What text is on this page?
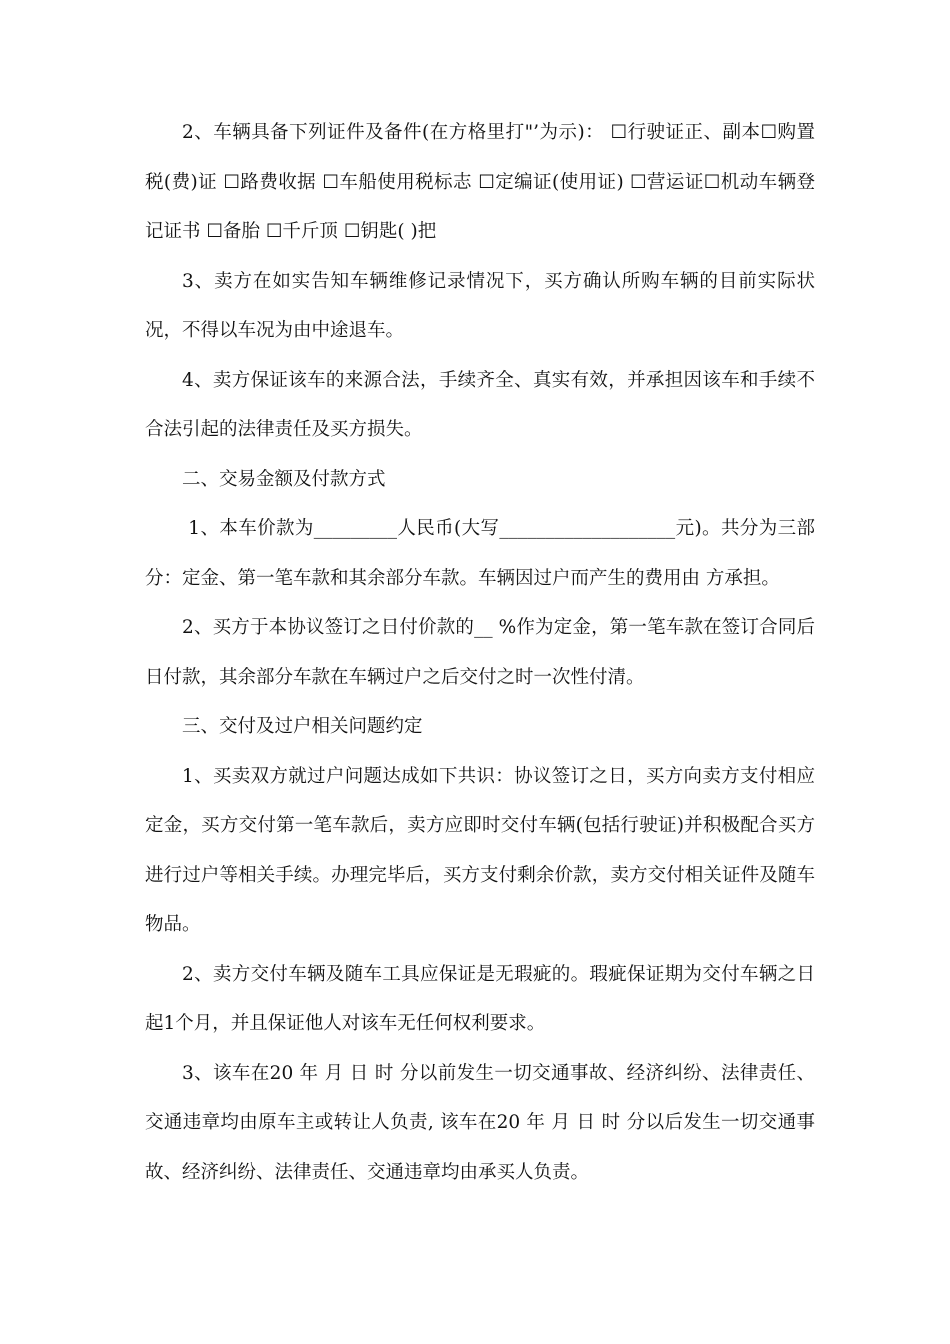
2、车辆具备下列证件及备件(在方格里打"’为示)： ☐行驶证正、副本☐购置税(费)证 ☐路费收据 ☐车船使用税标志 ☐定编证(使用证) ☐营运证☐机动车辆登记证书 ☐备胎 ☐千斤顶 ☐钥匙( )把

3、卖方在如实告知车辆维修记录情况下，买方确认所购车辆的目前实际状况，不得以车况为由中途退车。

4、卖方保证该车的来源合法，手续齐全、真实有效，并承担因该车和手续不合法引起的法律责任及买方损失。

二、交易金额及付款方式

1、本车价款为_________人民币(大写___________________元)。共分为三部分：定金、第一笔车款和其余部分车款。车辆因过户而产生的费用由 方承担。

2、买方于本协议签订之日付价款的__ %作为定金，第一笔车款在签订合同后 日付款，其余部分车款在车辆过户之后交付之时一次性付清。

三、交付及过户相关问题约定

1、买卖双方就过户问题达成如下共识：协议签订之日，买方向卖方支付相应定金，买方交付第一笔车款后，卖方应即时交付车辆(包括行驶证)并积极配合买方进行过户等相关手续。办理完毕后，买方支付剩余价款，卖方交付相关证件及随车物品。

2、卖方交付车辆及随车工具应保证是无瑕疵的。瑕疵保证期为交付车辆之日起1个月，并且保证他人对该车无任何权利要求。

3、该车在20 年 月 日 时 分以前发生一切交通事故、经济纠纷、法律责任、交通违章均由原车主或转让人负责, 该车在20 年 月 日 时 分以后发生一切交通事故、经济纠纷、法律责任、交通违章均由承买人负责。
